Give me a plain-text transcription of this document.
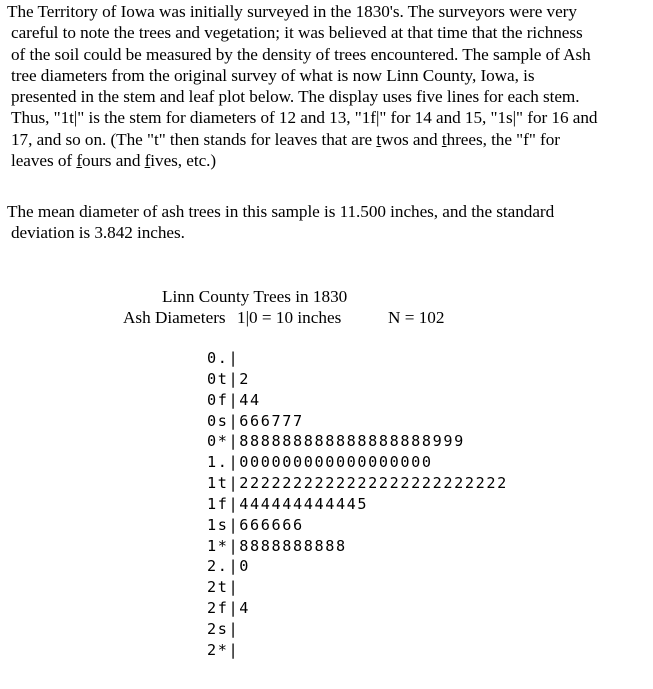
The Territory of Iowa was initially surveyed in the 1830's. The surveyors were very
careful to note the trees and vegetation; it was believed at that time that the richness
of the soil could be measured by the density of trees encountered. The sample of Ash
tree diameters from the original survey of what is now Linn County, Iowa, is
presented in the stem and leaf plot below. The display uses five lines for each stem.
Thus, "1t|" is the stem for diameters of 12 and 13, "1f|" for 14 and 15, "1s|" for 16 and
17, and so on. (The "t" then stands for leaves that are twos and threes, the "f" for
leaves of fours and fives, etc.)

The mean diameter of ash trees in this sample is 11.500 inches, and the standard
deviation is 3.842 inches.

Linn County Trees in 1830

Ash Diameters 1|0 = 10 inches	N = 102

0.|
0t|2
0f|44
0s|666777
0*|888888888888888888999
1.|000000000000000000
1t|2222222222222222222222222
1f|444444444445
1s|666666
1*|8888888888
2.|0
2t|
2f|4
2s|
2*|
